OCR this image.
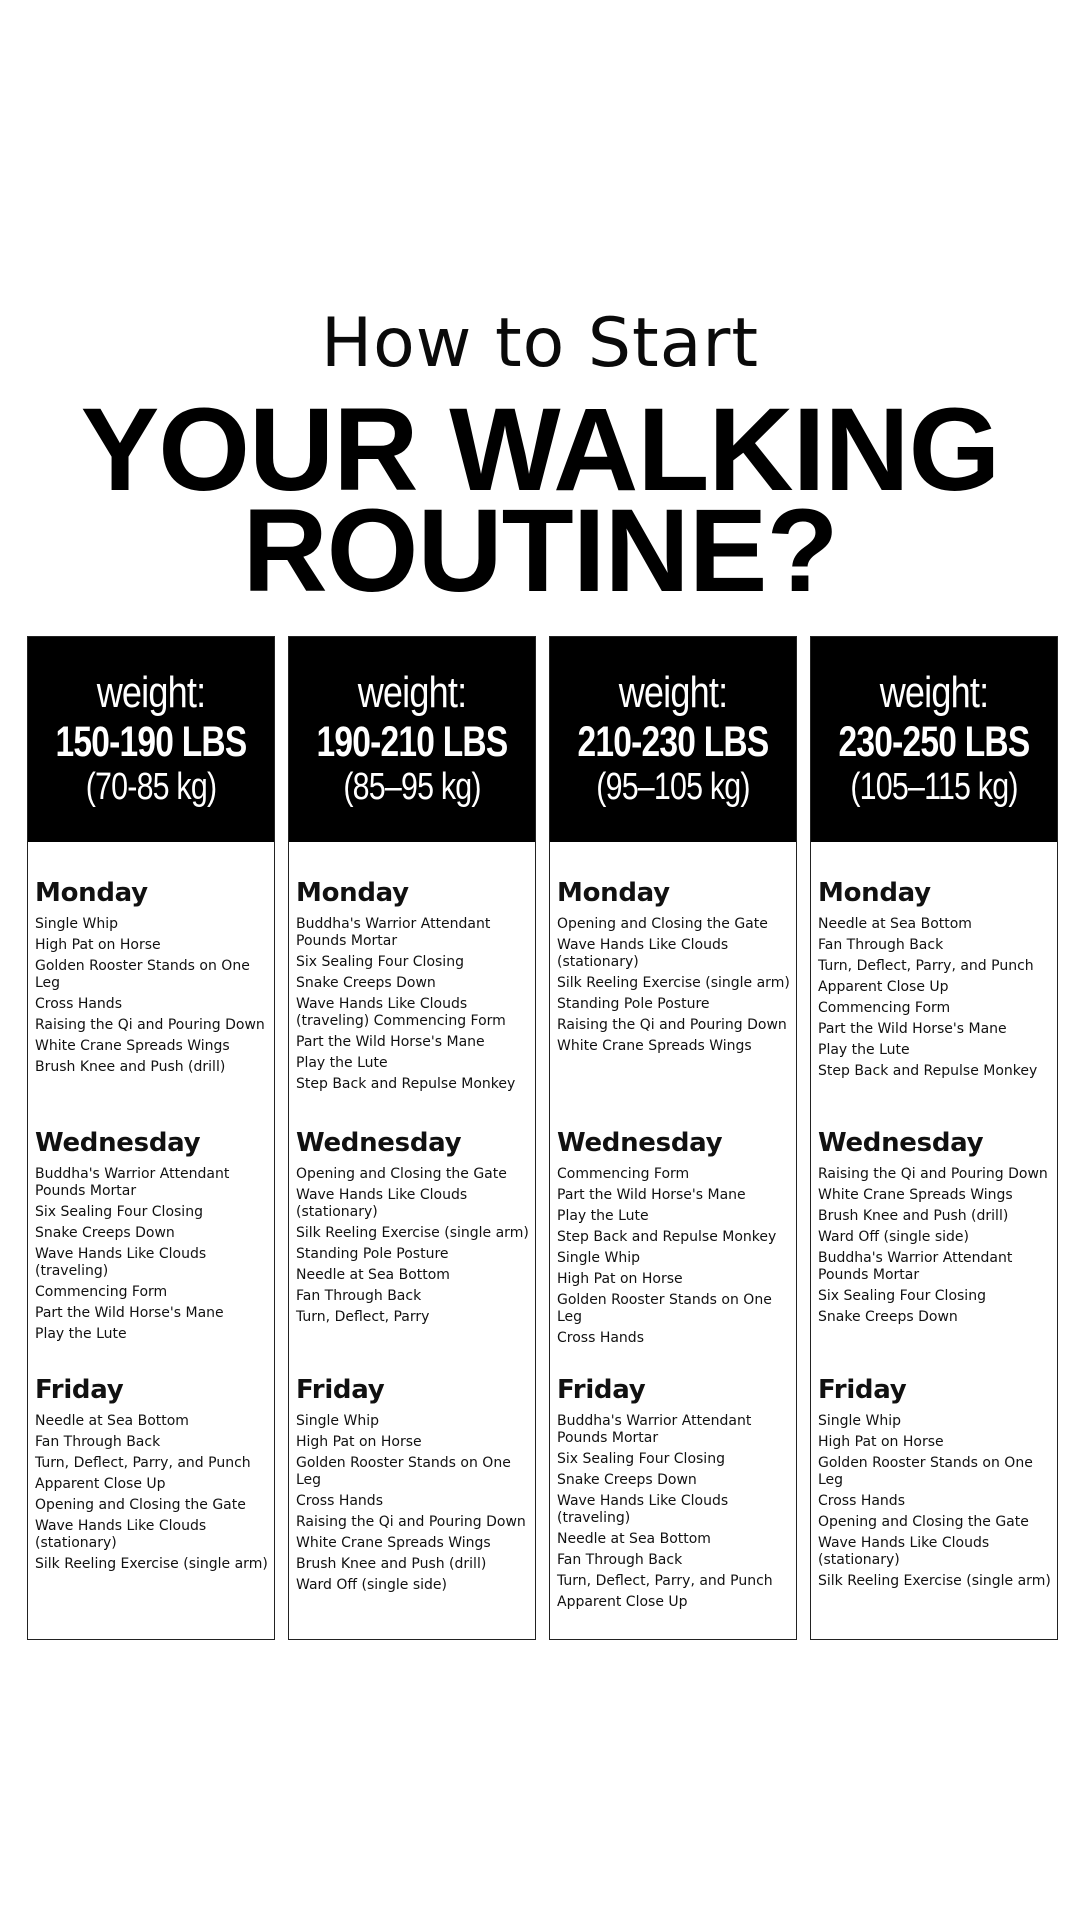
How to Start
YOUR WALKING
ROUTINE?
weight:
150-190 LBS
(70-85 kg)
Monday
Single Whip
High Pat on Horse
Golden Rooster Stands on One Leg
Cross Hands
Raising the Qi and Pouring Down
White Crane Spreads Wings
Brush Knee and Push (drill)
Wednesday
Buddha's Warrior Attendant Pounds Mortar
Six Sealing Four Closing
Snake Creeps Down
Wave Hands Like Clouds (traveling)
Commencing Form
Part the Wild Horse's Mane
Play the Lute
Friday
Needle at Sea Bottom
Fan Through Back
Turn, Deflect, Parry, and Punch
Apparent Close Up
Opening and Closing the Gate
Wave Hands Like Clouds (stationary)
Silk Reeling Exercise (single arm)
weight:
190-210 LBS
(85–95 kg)
Monday
Buddha's Warrior Attendant Pounds Mortar
Six Sealing Four Closing
Snake Creeps Down
Wave Hands Like Clouds (traveling) Commencing Form
Part the Wild Horse's Mane
Play the Lute
Step Back and Repulse Monkey
Wednesday
Opening and Closing the Gate
Wave Hands Like Clouds (stationary)
Silk Reeling Exercise (single arm)
Standing Pole Posture
Needle at Sea Bottom
Fan Through Back
Turn, Deflect, Parry
Friday
Single Whip
High Pat on Horse
Golden Rooster Stands on One Leg
Cross Hands
Raising the Qi and Pouring Down
White Crane Spreads Wings
Brush Knee and Push (drill)
Ward Off (single side)
weight:
210-230 LBS
(95–105 kg)
Monday
Opening and Closing the Gate
Wave Hands Like Clouds (stationary)
Silk Reeling Exercise (single arm)
Standing Pole Posture
Raising the Qi and Pouring Down
White Crane Spreads Wings
Wednesday
Commencing Form
Part the Wild Horse's Mane
Play the Lute
Step Back and Repulse Monkey
Single Whip
High Pat on Horse
Golden Rooster Stands on One Leg
Cross Hands
Friday
Buddha's Warrior Attendant Pounds Mortar
Six Sealing Four Closing
Snake Creeps Down
Wave Hands Like Clouds (traveling)
Needle at Sea Bottom
Fan Through Back
Turn, Deflect, Parry, and Punch
Apparent Close Up
weight:
230-250 LBS
(105–115 kg)
Monday
Needle at Sea Bottom
Fan Through Back
Turn, Deflect, Parry, and Punch
Apparent Close Up
Commencing Form
Part the Wild Horse's Mane
Play the Lute
Step Back and Repulse Monkey
Wednesday
Raising the Qi and Pouring Down
White Crane Spreads Wings
Brush Knee and Push (drill)
Ward Off (single side)
Buddha's Warrior Attendant Pounds Mortar
Six Sealing Four Closing
Snake Creeps Down
Friday
Single Whip
High Pat on Horse
Golden Rooster Stands on One Leg
Cross Hands
Opening and Closing the Gate
Wave Hands Like Clouds (stationary)
Silk Reeling Exercise (single arm)
